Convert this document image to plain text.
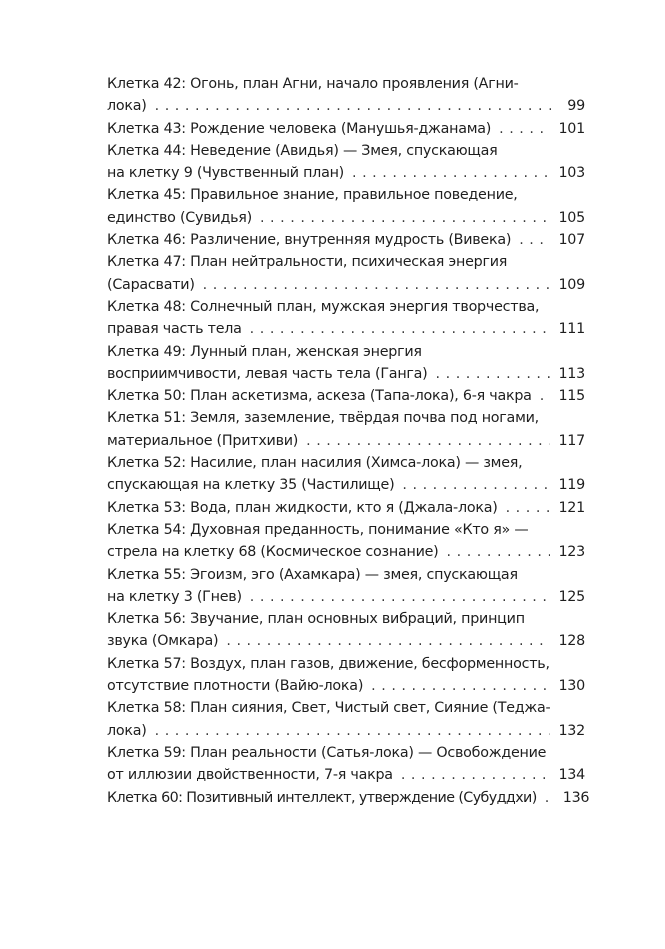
Клетка 42: Огонь, план Агни, начало проявления (Агни-
лока) . . .	99
Клетка 43: Рождение человека (Манушья-джанама) . . .	101
Клетка 44: Неведение (Авидья) — Змея, спускающая
на клетку 9 (Чувственный план) . . .	103
Клетка 45: Правильное знание, правильное поведение,
единство (Сувидья) . . .	105
Клетка 46: Различение, внутренняя мудрость (Вивека) . . .	107
Клетка 47: План нейтральности, психическая энергия
(Сарасвати) . . .	109
Клетка 48: Солнечный план, мужская энергия творчества,
правая часть тела . . .	111
Клетка 49: Лунный план, женская энергия
восприимчивости, левая часть тела (Ганга) . . .	113
Клетка 50: План аскетизма, аскеза (Тапа-лока), 6-я чакра . . . 115
Клетка 51: Земля, заземление, твёрдая почва под ногами,
материальное (Притхиви) . . .	117
Клетка 52: Насилие, план насилия (Химса-лока) — змея,
спускающая на клетку 35 (Частилище) . . .	119
Клетка 53: Вода, план жидкости, кто я (Джала-лока) . . .	121
Клетка 54: Духовная преданность, понимание «Кто я» —
стрела на клетку 68 (Космическое сознание) . . .	123
Клетка 55: Эгоизм, эго (Ахамкара) — змея, спускающая
на клетку 3 (Гнев) . . .	125
Клетка 56: Звучание, план основных вибраций, принцип
звука (Омкара) . . .	128
Клетка 57: Воздух, план газов, движение, бесформенность,
отсутствие плотности (Вайю-лока) . . .	130
Клетка 58: План сияния, Свет, Чистый свет, Сияние (Теджа-
лока) . . .	132
Клетка 59: План реальности (Сатья-лока) — Освобождение
от иллюзии двойственности, 7-я чакра . . .	134
Клетка 60: Позитивный интеллект, утверждение (Субуддхи) . . . 136
